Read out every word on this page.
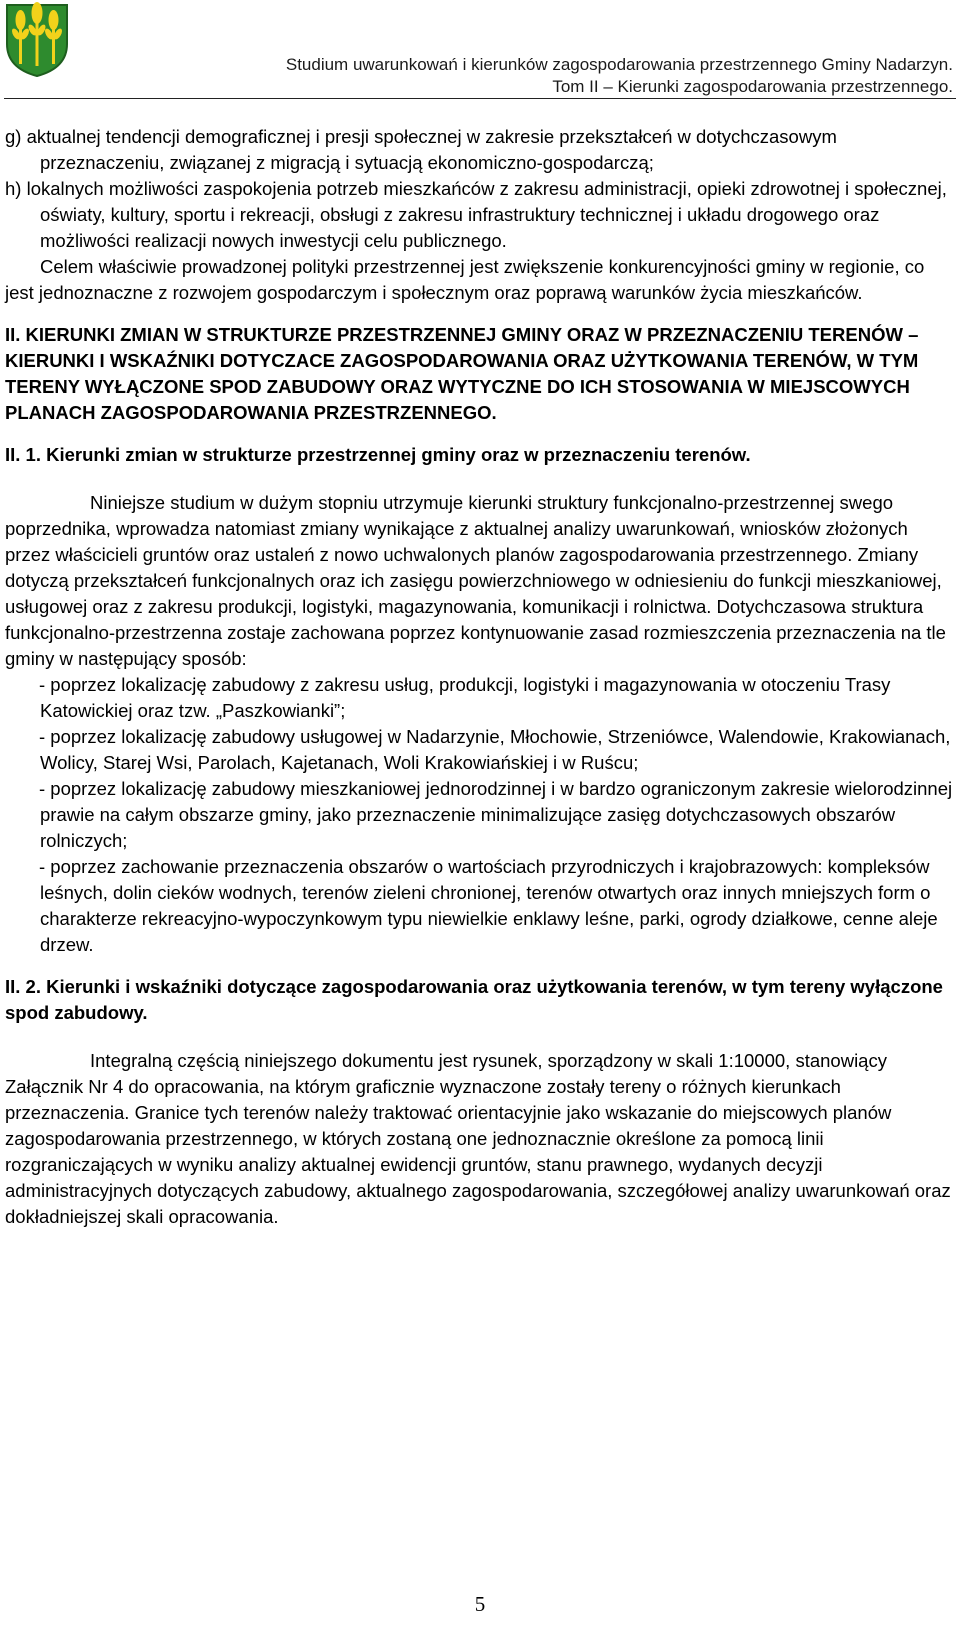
Studium uwarunkowań i kierunków zagospodarowania przestrzennego Gminy Nadarzyn.
Tom II – Kierunki zagospodarowania przestrzennego.

g) aktualnej tendencji demograficznej i presji społecznej w zakresie przekształceń w dotychczasowym przeznaczeniu, związanej z migracją i sytuacją ekonomiczno-gospodarczą;

h) lokalnych możliwości zaspokojenia potrzeb mieszkańców z zakresu administracji, opieki zdrowotnej i społecznej, oświaty, kultury, sportu i rekreacji, obsługi z zakresu infrastruktury technicznej i układu drogowego oraz możliwości realizacji nowych inwestycji celu publicznego.

Celem właściwie prowadzonej polityki przestrzennej jest zwiększenie konkurencyjności gminy w regionie, co jest jednoznaczne z rozwojem gospodarczym i społecznym oraz poprawą warunków życia mieszkańców.

II. KIERUNKI ZMIAN W STRUKTURZE PRZESTRZENNEJ GMINY ORAZ W PRZEZNACZENIU TERENÓW – KIERUNKI I WSKAŹNIKI DOTYCZACE ZAGOSPODAROWANIA ORAZ UŻYTKOWANIA TERENÓW, W TYM TERENY WYŁĄCZONE SPOD ZABUDOWY ORAZ WYTYCZNE DO ICH STOSOWANIA W MIEJSCOWYCH PLANACH ZAGOSPODAROWANIA PRZESTRZENNEGO.

II. 1. Kierunki zmian w strukturze przestrzennej gminy oraz w przeznaczeniu terenów.

Niniejsze studium w dużym stopniu utrzymuje kierunki struktury funkcjonalno-przestrzennej swego poprzednika, wprowadza natomiast zmiany wynikające z aktualnej analizy uwarunkowań, wniosków złożonych przez właścicieli gruntów oraz ustaleń z nowo uchwalonych planów zagospodarowania przestrzennego. Zmiany dotyczą przekształceń funkcjonalnych oraz ich zasięgu powierzchniowego w odniesieniu do funkcji mieszkaniowej, usługowej oraz z zakresu produkcji, logistyki, magazynowania, komunikacji i rolnictwa. Dotychczasowa struktura funkcjonalno-przestrzenna zostaje zachowana poprzez kontynuowanie zasad rozmieszczenia przeznaczenia na tle gminy w następujący sposób:

- poprzez lokalizację zabudowy z zakresu usług, produkcji, logistyki i magazynowania w otoczeniu Trasy Katowickiej oraz tzw. „Paszkowianki”;

- poprzez lokalizację zabudowy usługowej w Nadarzynie, Młochowie, Strzeniówce, Walendowie, Krakowianach, Wolicy, Starej Wsi, Parolach, Kajetanach, Woli Krakowiańskiej i w Ruścu;

- poprzez lokalizację zabudowy mieszkaniowej jednorodzinnej i w bardzo ograniczonym zakresie wielorodzinnej prawie na całym obszarze gminy, jako przeznaczenie minimalizujące zasięg dotychczasowych obszarów rolniczych;

- poprzez zachowanie przeznaczenia obszarów o wartościach przyrodniczych i krajobrazowych: kompleksów leśnych, dolin cieków wodnych, terenów zieleni chronionej, terenów otwartych oraz innych mniejszych form o charakterze rekreacyjno-wypoczynkowym typu niewielkie enklawy leśne, parki, ogrody działkowe, cenne aleje drzew.

II. 2. Kierunki i wskaźniki dotyczące zagospodarowania oraz użytkowania terenów, w tym tereny wyłączone spod zabudowy.

Integralną częścią niniejszego dokumentu jest rysunek, sporządzony w skali 1:10000, stanowiący Załącznik Nr 4 do opracowania, na którym graficznie wyznaczone zostały tereny o różnych kierunkach przeznaczenia. Granice tych terenów należy traktować orientacyjnie jako wskazanie do miejscowych planów zagospodarowania przestrzennego, w których zostaną one jednoznacznie określone za pomocą linii rozgraniczających w wyniku analizy aktualnej ewidencji gruntów, stanu prawnego, wydanych decyzji administracyjnych dotyczących zabudowy, aktualnego zagospodarowania, szczegółowej analizy uwarunkowań oraz dokładniejszej skali opracowania.

5
